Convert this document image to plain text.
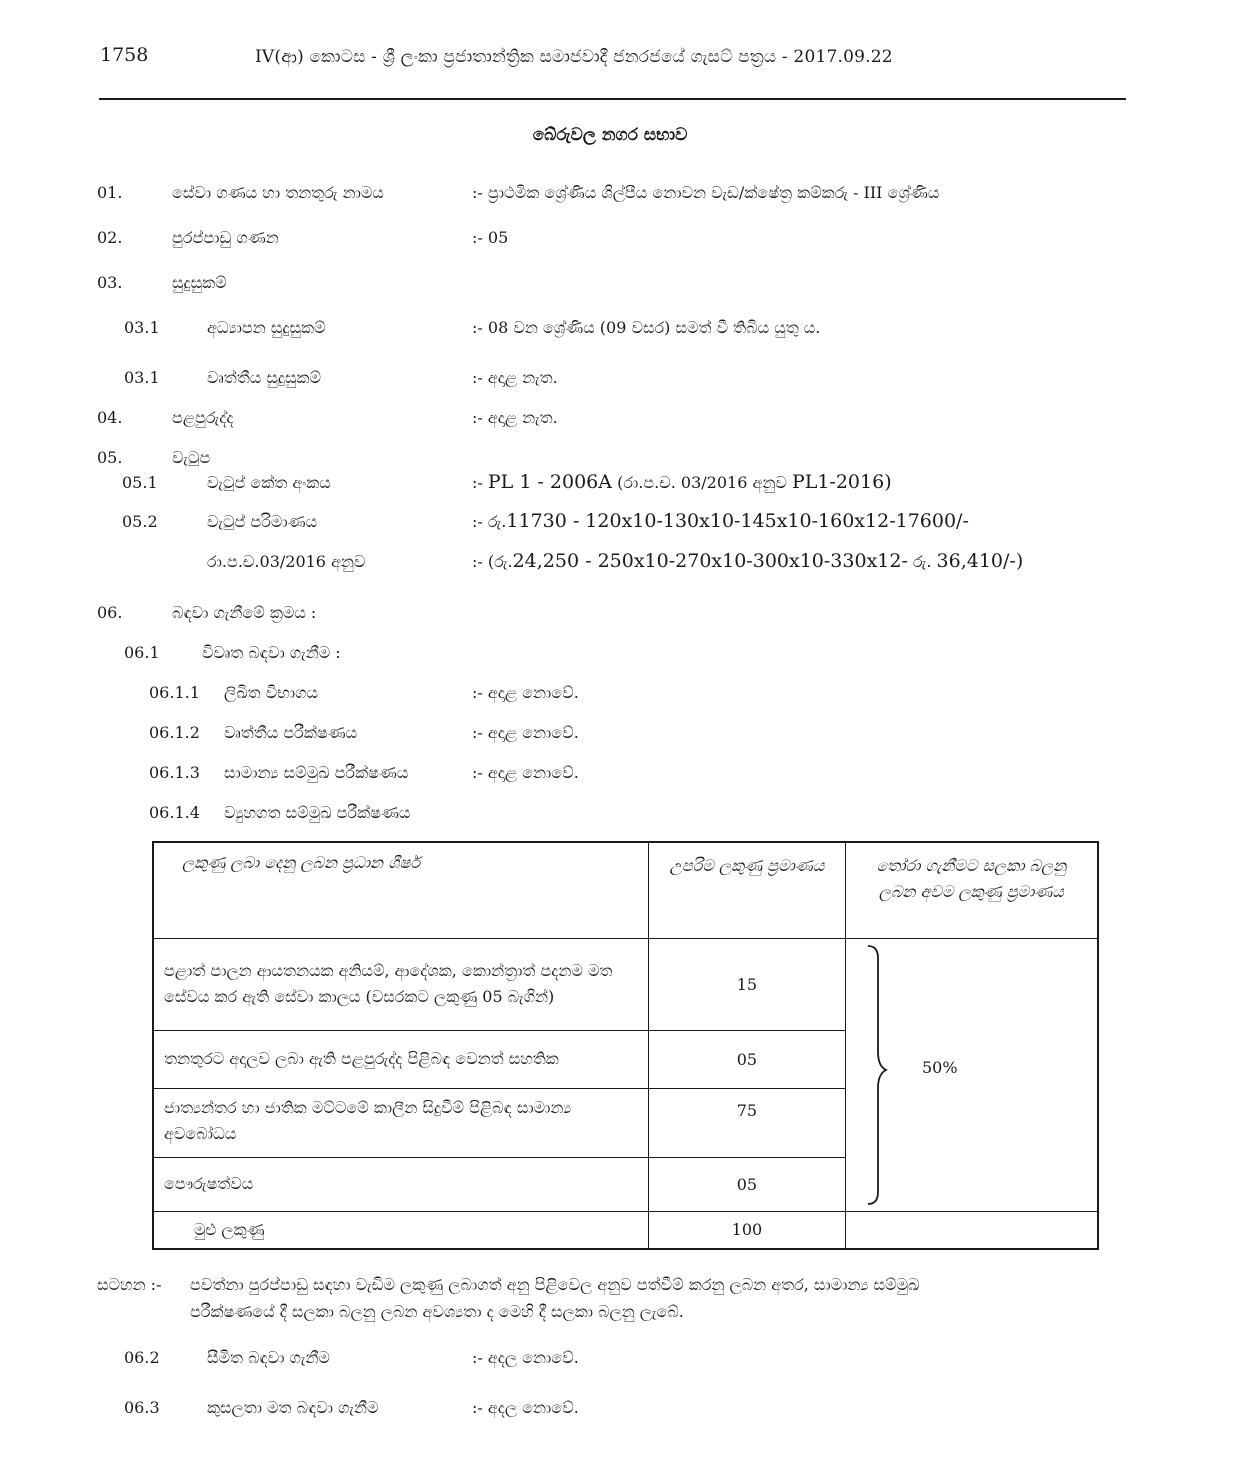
1758	IV(ආ) කොටස - ශ්‍රී ලංකා ප්‍රජාතාන්ත්‍රික සමාජවාදී ජනරජයේ ගැසට් පත්‍රය - 2017.09.22
බේරුවල නගර සභාව
01.	සේවා ගණය හා තනතුරු නාමය	:- ප්‍රාථමික ශ්‍රේණිය ශිල්පීය නොවන වැඩ/ක්ෂේත්‍ර කම්කරු - III ශ්‍රේණිය
02.	පුරප්පාඩු ගණන	:- 05
03.	සුදුසුකම්
03.1	අධ්‍යාපන සුදුසුකම්	:- 08 වන ශ්‍රේණිය (09 වසර) සමත් වී තිබිය යුතු ය.
03.1	වෘත්තීය සුදුසුකම්	:- අදාළ නැත.
04.	පළපුරුද්ද	:- අදාළ නැත.
05.	වැටුප
05.1	වැටුප් කේත අංකය	:- PL 1 - 2006A (රා.ප.ච. 03/2016 අනුව PL1-2016)
05.2	වැටුප් පරිමාණය	:- රු.11730 - 120x10-130x10-145x10-160x12-17600/-
රා.ප.ච.03/2016 අනුව	:- (රු.24,250 - 250x10-270x10-300x10-330x12- රු. 36,410/-)
06.	බඳවා ගැනීමේ ක්‍රමය :
06.1	විවෘත බඳවා ගැනීම :
06.1.1 ලිඛිත විභාගය	:- අදාළ නොවේ.
06.1.2 වෘත්තීය පරීක්ෂණය	:- අදාළ නොවේ.
06.1.3 සාමාන්‍ය සම්මුඛ පරීක්ෂණය	:- අදාළ නොවේ.
06.1.4 ව්‍යුහගත සම්මුඛ පරීක්ෂණය
ලකුණු ලබා දෙනු ලබන ප්‍රධාන ශීර්ෂ	උපරිම ලකුණු ප්‍රමාණය	තෝරා ගැනීමට සලකා බලනු ලබන අවම ලකුණු ප්‍රමාණය
පළාත් පාලන ආයතනයක අනියම්, ආදේශක, කොන්ත්‍රාත් පදනම මත සේවය කර ඇති සේවා කාලය (වසරකට ලකුණු 05 බැගින්)	15	
තනතුරට අදාලව ලබා ඇති පළපුරුද්ද පිළිබඳ වෙනත් සහතික	05	
ජාත්‍යන්තර හා ජාතික මට්ටමේ කාලීන සිදුවීම් පිළිබඳ සාමාන්‍ය අවබෝධය	75	
පෞරුෂත්වය	05	
මුළු ලකුණු	100	
50%
සටහන :- පවත්නා පුරප්පාඩු සඳහා වැඩිම ලකුණු ලබාගත් අනු පිළිවෙල අනුව පත්වීම් කරනු ලබන අතර, සාමාන්‍ය සම්මුඛ
පරීක්ෂණයේ දී සලකා බලනු ලබන අවශ්‍යතා ද මෙහි දී සලකා බලනු ලැබේ.
06.2	සීමිත බඳවා ගැනීම	:- අදල නොවේ.
06.3	කුසලතා මත බඳවා ගැනීම	:- අදල නොවේ.
